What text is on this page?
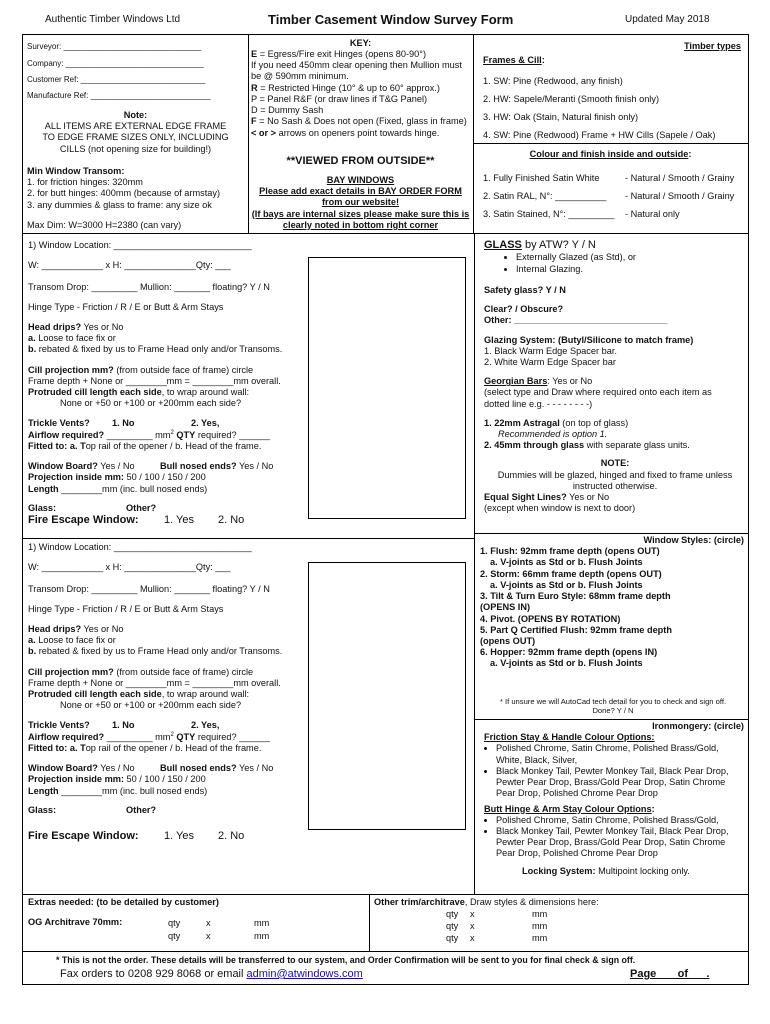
Authentic Timber Windows Ltd	Timber Casement Window Survey Form	Updated May 2018
Surveyor: _______________________________
Company: _______________________________
Customer Ref: ____________________________
Manufacture Ref: ___________________________
Note:
ALL ITEMS ARE EXTERNAL EDGE FRAME
TO EDGE FRAME SIZES ONLY, INCLUDING
CILLS (not opening size for building!)
Min Window Transom:
1. for friction hinges: 320mm
2. for butt hinges: 400mm (because of armstay)
3. any dummies & glass to frame: any size ok
Max Dim: W=3000 H=2380 (can vary)
KEY:
E = Egress/Fire exit Hinges (opens 80-90°)
If you need 450mm clear opening then Mullion must
be @ 590mm minimum.
R = Restricted Hinge (10° & up to 60° approx.)
P = Panel R&F (or draw lines if T&G Panel)
D = Dummy Sash
F = No Sash & Does not open (Fixed, glass in frame)
< or > arrows on openers point towards hinge.
**VIEWED FROM OUTSIDE**
BAY WINDOWS
Please add exact details in BAY ORDER FORM
from our website!
(If bays are internal sizes please make sure this is
clearly noted in bottom right corner
Timber types
Frames & Cill:
1. SW: Pine (Redwood, any finish)
2. HW: Sapele/Meranti (Smooth finish only)
3. HW: Oak (Stain, Natural finish only)
4. SW: Pine (Redwood) Frame + HW Cills (Sapele / Oak)
Colour and finish inside and outside:
1. Fully Finished Satin White	- Natural / Smooth / Grainy
2. Satin RAL, N°: __________ - Natural / Smooth / Grainy
3. Satin Stained, N°: _________ - Natural only
1) Window Location: ___________________________
W: ____________ x H: ______________Qty: ___
Transom Drop: _________ Mullion: _______ floating? Y / N
Hinge Type - Friction / R / E or Butt & Arm Stays
Head drips? Yes or No
a. Loose to face fix or
b. rebated & fixed by us to Frame Head only and/or Transoms.
Cill projection mm? (from outside face of frame) circle
Frame depth + None or ________mm = ________mm overall.
Protruded cill length each side, to wrap around wall:
None or +50 or +100 or +200mm each side?
Trickle Vents? 1. No	2. Yes,
Airflow required? _________ $mm^2$ QTY required? ______
Fitted to: a. Top rail of the opener / b. Head of the frame.
Window Board? Yes / No	Bull nosed ends? Yes / No
Projection inside mm: 50 / 100 / 150 / 200
Length ________mm (inc. bull nosed ends)
Glass:	Other?
Fire Escape Window: 1. Yes 2. No
1) Window Location: ___________________________
W: ____________ x H: ______________Qty: ___
Transom Drop: _________ Mullion: _______ floating? Y / N
Hinge Type - Friction / R / E or Butt & Arm Stays
Head drips? Yes or No
a. Loose to face fix or
b. rebated & fixed by us to Frame Head only and/or Transoms.
Cill projection mm? (from outside face of frame) circle
Frame depth + None or ________mm = ________mm overall.
Protruded cill length each side, to wrap around wall:
None or +50 or +100 or +200mm each side?
Trickle Vents? 1. No	2. Yes,
Airflow required? _________ $mm^2$ QTY required? ______
Fitted to: a. Top rail of the opener / b. Head of the frame.
Window Board? Yes / No	Bull nosed ends? Yes / No
Projection inside mm: 50 / 100 / 150 / 200
Length ________mm (inc. bull nosed ends)
Glass:	Other?
Fire Escape Window: 1. Yes 2. No
GLASS by ATW? Y / N
• Externally Glazed (as Std), or
• Internal Glazing.
Safety glass? Y / N
Clear? / Obscure?
Other: ______________________________
Glazing System: (Butyl/Silicone to match frame)
1. Black Warm Edge Spacer bar.
2. White Warm Edge Spacer bar
Georgian Bars: Yes or No
(select type and Draw where required onto each item as
dotted line e.g. - - - - - - - -)
1. 22mm Astragal (on top of glass)
Recommended is option 1.
2. 45mm through glass with separate glass units.
NOTE:
Dummies will be glazed, hinged and fixed to frame unless
instructed otherwise.
Equal Sight Lines? Yes or No
(except when window is next to door)
Window Styles: (circle)
1. Flush: 92mm frame depth (opens OUT)
a. V-joints as Std or b. Flush Joints
2. Storm: 66mm frame depth (opens OUT)
a. V-joints as Std or b. Flush Joints
3. Tilt & Turn Euro Style: 68mm frame depth
(OPENS IN)
4. Pivot. (OPENS BY ROTATION)
5. Part Q Certified Flush: 92mm frame depth
(opens OUT)
6. Hopper: 92mm frame depth (opens IN)
a. V-joints as Std or b. Flush Joints
* If unsure we will AutoCad tech detail for you to check and sign off.
Done? Y / N
Ironmongery: (circle)
Friction Stay & Handle Colour Options:
• Polished Chrome, Satin Chrome, Polished Brass/Gold, White, Black, Silver,
• Black Monkey Tail, Pewter Monkey Tail, Black Pear Drop, Pewter Pear Drop, Brass/Gold Pear Drop, Satin Chrome Pear Drop, Polished Chrome Pear Drop
Butt Hinge & Arm Stay Colour Options:
• Polished Chrome, Satin Chrome, Polished Brass/Gold,
• Black Monkey Tail, Pewter Monkey Tail, Black Pear Drop, Pewter Pear Drop, Brass/Gold Pear Drop, Satin Chrome Pear Drop, Polished Chrome Pear Drop
Locking System: Multipoint locking only.
Extras needed: (to be detailed by customer)
OG Architrave 70mm:	qty	x	mm
qty	x	mm
Other trim/architrave, Draw styles & dimensions here:
qty x	mm
qty x	mm
qty x	mm
* This is not the order. These details will be transferred to our system, and Order Confirmation will be sent to you for final check & sign off.
Fax orders to 0208 929 8068 or email admin@atwindows.com	Page       of      .
